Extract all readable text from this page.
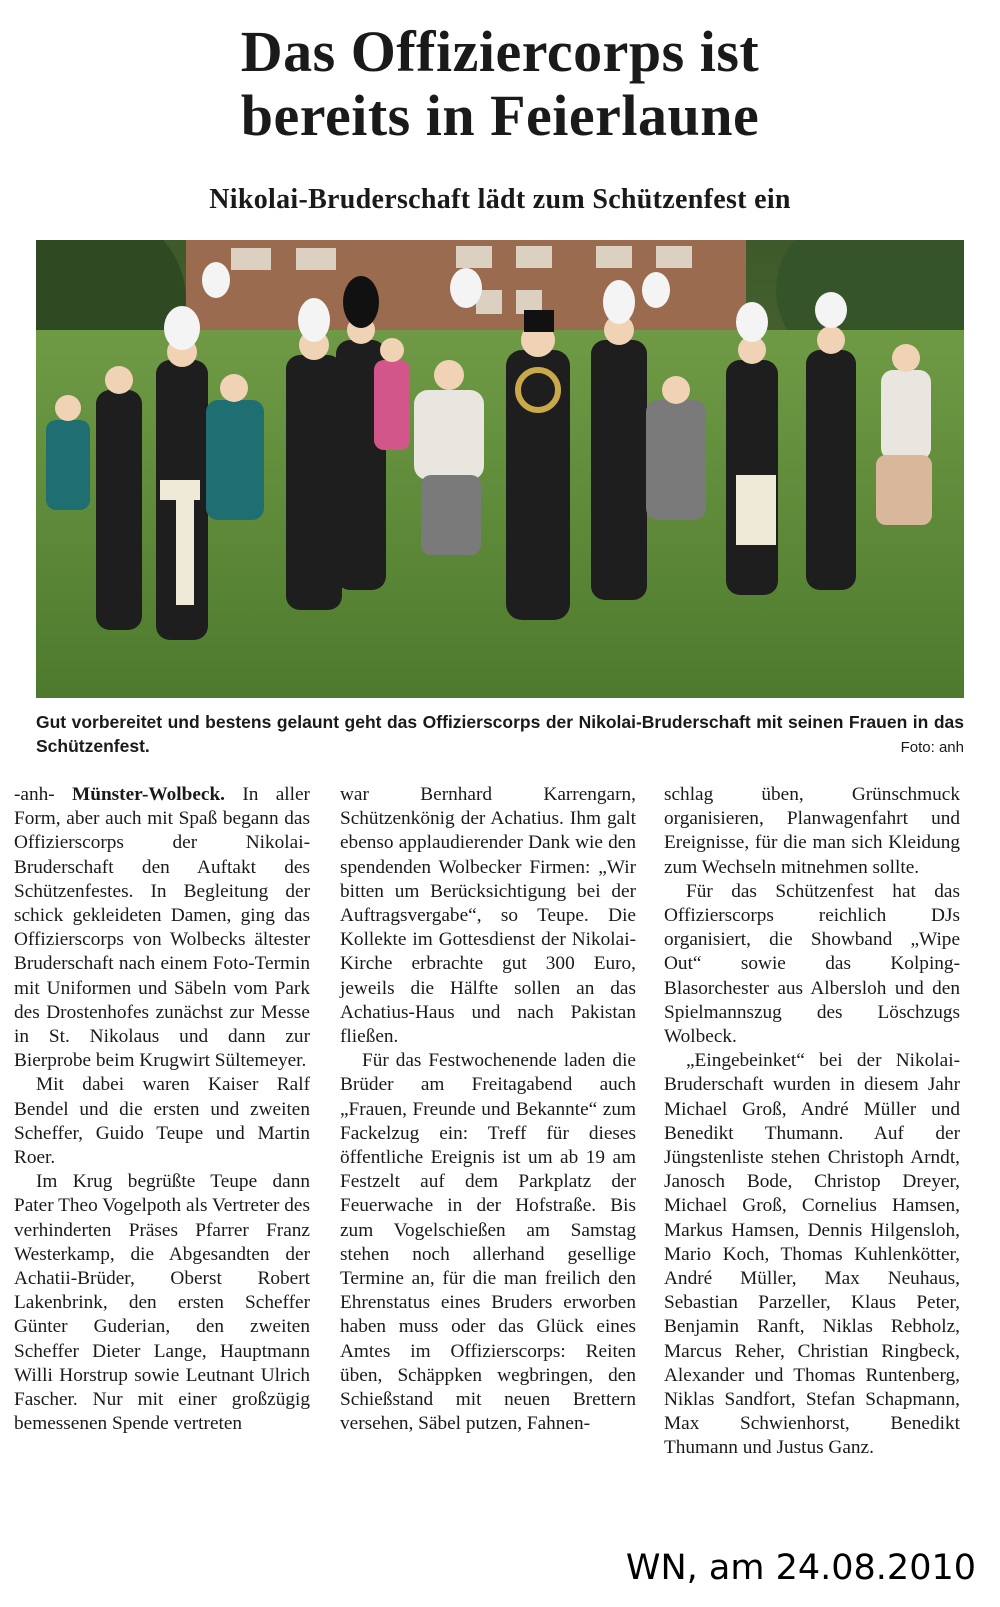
Das Offiziercorps ist
bereits in Feierlaune
Nikolai-Bruderschaft lädt zum Schützenfest ein

Gut vorbereitet und bestens gelaunt geht das Offizierscorps der Nikolai-Bruderschaft mit seinen Frauen in das Schützenfest.	Foto: anh

-anh- Münster-Wolbeck. In aller Form, aber auch mit Spaß begann das Offizierscorps der Nikolai-Bruderschaft den Auftakt des Schützenfestes. In Begleitung der schick gekleideten Damen, ging das Offizierscorps von Wolbecks ältester Bruderschaft nach einem Foto-Termin mit Uniformen und Säbeln vom Park des Drostenhofes zunächst zur Messe in St. Nikolaus und dann zur Bierprobe beim Krugwirt Sültemeyer.

Mit dabei waren Kaiser Ralf Bendel und die ersten und zweiten Scheffer, Guido Teupe und Martin Roer.

Im Krug begrüßte Teupe dann Pater Theo Vogelpoth als Vertreter des verhinderten Präses Pfarrer Franz Westerkamp, die Abgesandten der Achatii-Brüder, Oberst Robert Lakenbrink, den ersten Scheffer Günter Guderian, den zweiten Scheffer Dieter Lange, Hauptmann Willi Horstrup sowie Leutnant Ulrich Fascher. Nur mit einer großzügig bemessenen Spende vertreten

war Bernhard Karrengarn, Schützenkönig der Achatius. Ihm galt ebenso applaudierender Dank wie den spendenden Wolbecker Firmen: „Wir bitten um Berücksichtigung bei der Auftragsvergabe“, so Teupe. Die Kollekte im Gottesdienst der Nikolai-Kirche erbrachte gut 300 Euro, jeweils die Hälfte sollen an das Achatius-Haus und nach Pakistan fließen.

Für das Festwochenende laden die Brüder am Freitagabend auch „Frauen, Freunde und Bekannte“ zum Fackelzug ein: Treff für dieses öffentliche Ereignis ist um ab 19 am Festzelt auf dem Parkplatz der Feuerwache in der Hofstraße. Bis zum Vogelschießen am Samstag stehen noch allerhand gesellige Termine an, für die man freilich den Ehrenstatus eines Bruders erworben haben muss oder das Glück eines Amtes im Offizierscorps: Reiten üben, Schäppken wegbringen, den Schießstand mit neuen Brettern versehen, Säbel putzen, Fahnen-

schlag üben, Grünschmuck organisieren, Planwagenfahrt und Ereignisse, für die man sich Kleidung zum Wechseln mitnehmen sollte.

Für das Schützenfest hat das Offizierscorps reichlich DJs organisiert, die Showband „Wipe Out“ sowie das Kolping-Blasorchester aus Albersloh und den Spielmannszug des Löschzugs Wolbeck.

„Eingebeinket“ bei der Nikolai-Bruderschaft wurden in diesem Jahr Michael Groß, André Müller und Benedikt Thumann. Auf der Jüngstenliste stehen Christoph Arndt, Janosch Bode, Christop Dreyer, Michael Groß, Cornelius Hamsen, Markus Hamsen, Dennis Hilgensloh, Mario Koch, Thomas Kuhlenkötter, André Müller, Max Neuhaus, Sebastian Parzeller, Klaus Peter, Benjamin Ranft, Niklas Rebholz, Marcus Reher, Christian Ringbeck, Alexander und Thomas Runtenberg, Niklas Sandfort, Stefan Schapmann, Max Schwienhorst, Benedikt Thumann und Justus Ganz.

WN, am 24.08.2010
